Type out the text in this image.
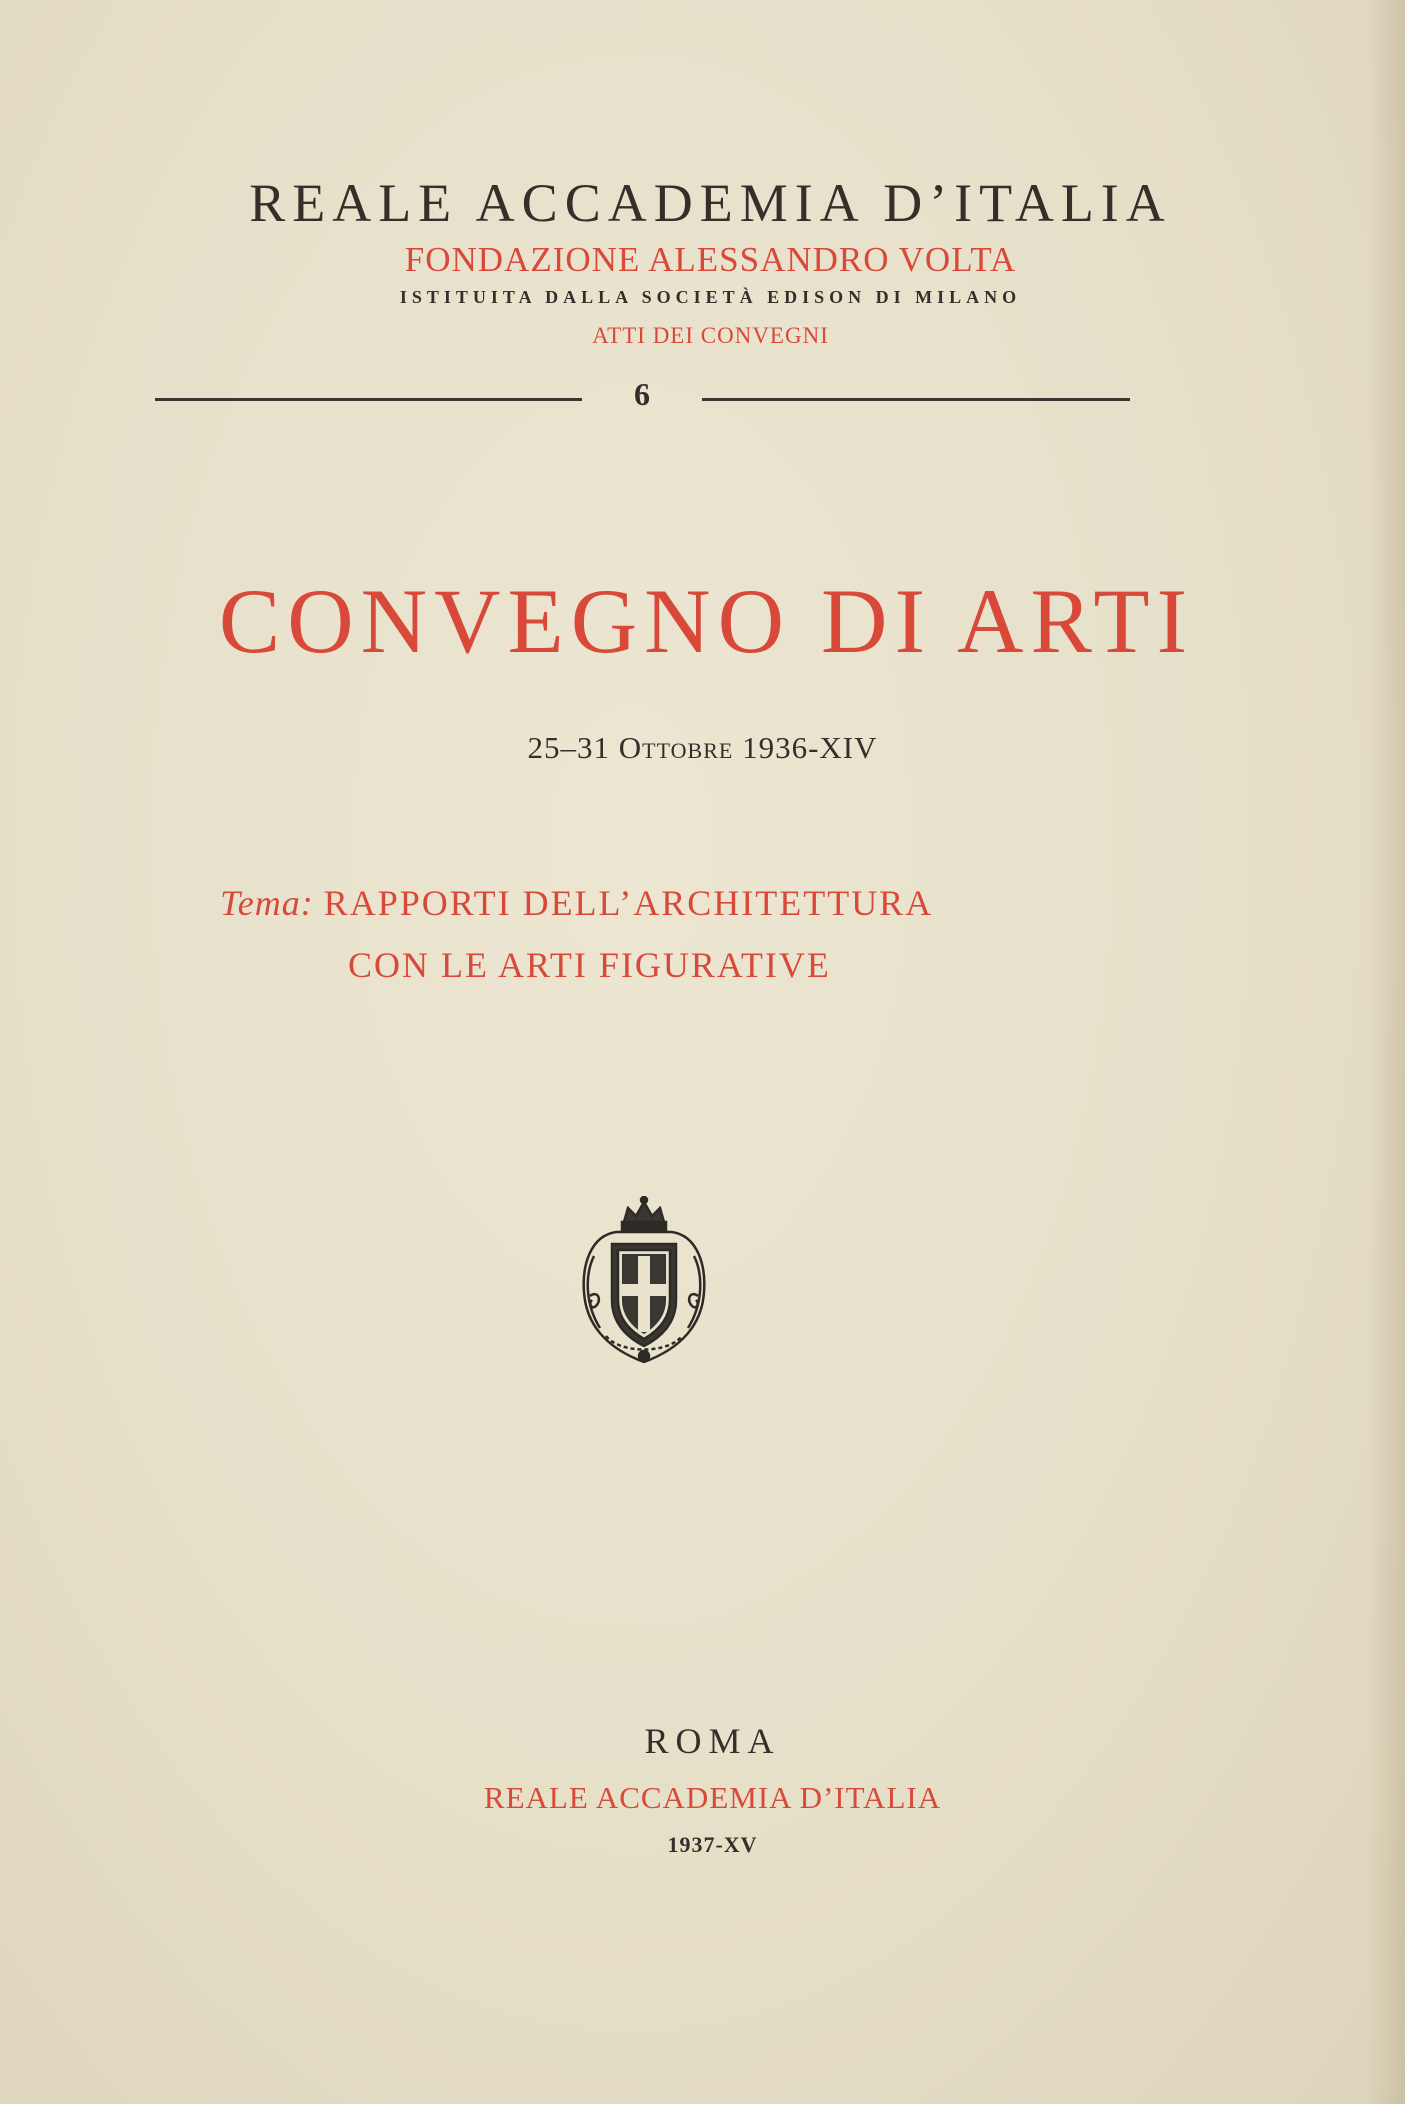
REALE ACCADEMIA D’ITALIA
FONDAZIONE ALESSANDRO VOLTA
ISTITUITA DALLA SOCIETÀ EDISON DI MILANO
ATTI DEI CONVEGNI
6
CONVEGNO DI ARTI
25–31 Ottobre 1936-XIV
Tema: RAPPORTI DELL’ARCHITETTURA
CON LE ARTI FIGURATIVE
ROMA
REALE ACCADEMIA D’ITALIA
1937-XV
